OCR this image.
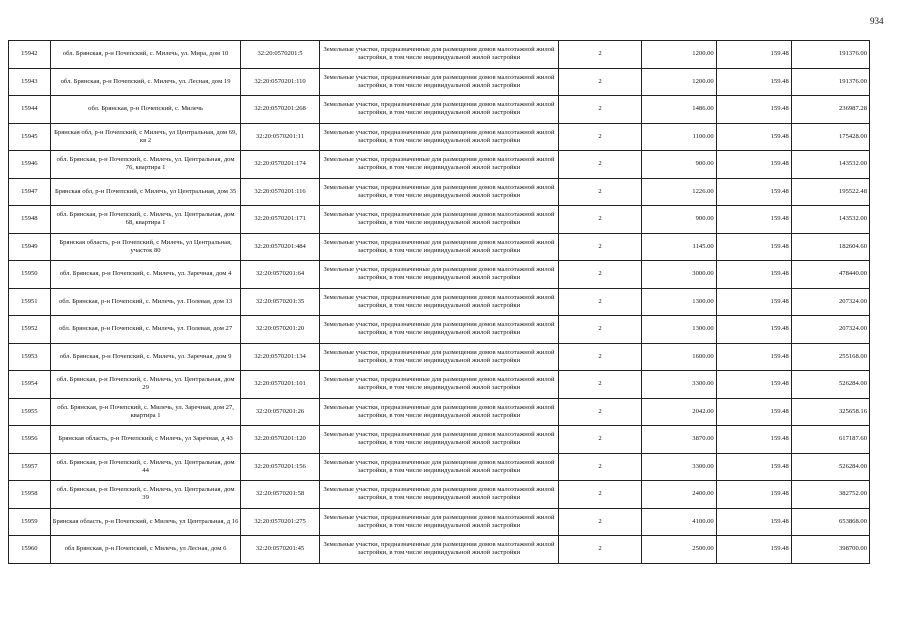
934
15942	обл. Брянская, р-н Почепский, с. Милечь, ул. Мира, дом 10	32:20:0570201:5	Земельные участки, предназначенные для размещения домов малоэтажной жилой застройки, в том числе индивидуальной жилой застройки	2	1200.00	159.48	191376.00
15943	обл. Брянская, р-н Почепский, с. Милечь, ул. Лесная, дом 19	32:20:0570201:110	Земельные участки, предназначенные для размещения домов малоэтажной жилой застройки, в том числе индивидуальной жилой застройки	2	1200.00	159.48	191376.00
15944	обл. Брянская, р-н Почепский, с. Милечь	32:20:0570201:268	Земельные участки, предназначенные для размещения домов малоэтажной жилой застройки, в том числе индивидуальной жилой застройки	2	1486.00	159.48	236987.28
15945	Брянская обл, р-н Почепский, с Милечь, ул Центральная, дом 69, кв 2	32:20:0570201:11	Земельные участки, предназначенные для размещения домов малоэтажной жилой застройки, в том числе индивидуальной жилой застройки	2	1100.00	159.48	175428.00
15946	обл. Брянская, р-н Почепский, с. Милечь, ул. Центральная, дом 76, квартира 1	32:20:0570201:174	Земельные участки, предназначенные для размещения домов малоэтажной жилой застройки, в том числе индивидуальной жилой застройки	2	900.00	159.48	143532.00
15947	Брянская обл, р-н Почепский, с Милечь, ул Центральная, дом 35	32:20:0570201:116	Земельные участки, предназначенные для размещения домов малоэтажной жилой застройки, в том числе индивидуальной жилой застройки	2	1226.00	159.48	195522.48
15948	обл. Брянская, р-н Почепский, с. Милечь, ул. Центральная, дом 68, квартира 1	32:20:0570201:171	Земельные участки, предназначенные для размещения домов малоэтажной жилой застройки, в том числе индивидуальной жилой застройки	2	900.00	159.48	143532.00
15949	Брянская область, р-н Почепский, с Милечь, ул Центральная, участок 80	32:20:0570201:484	Земельные участки, предназначенные для размещения домов малоэтажной жилой застройки, в том числе индивидуальной жилой застройки	2	1145.00	159.48	182604.60
15950	обл. Брянская, р-н Почепский, с. Милечь, ул. Заречная, дом 4	32:20:0570201:64	Земельные участки, предназначенные для размещения домов малоэтажной жилой застройки, в том числе индивидуальной жилой застройки	2	3000.00	159.48	478440.00
15951	обл. Брянская, р-н Почепский, с. Милечь, ул. Полевая, дом 13	32:20:0570201:35	Земельные участки, предназначенные для размещения домов малоэтажной жилой застройки, в том числе индивидуальной жилой застройки	2	1300.00	159.48	207324.00
15952	обл. Брянская, р-н Почепский, с. Милечь, ул. Полевая, дом 27	32:20:0570201:20	Земельные участки, предназначенные для размещения домов малоэтажной жилой застройки, в том числе индивидуальной жилой застройки	2	1300.00	159.48	207324.00
15953	обл. Брянская, р-н Почепский, с. Милечь, ул. Заречная, дом 9	32:20:0570201:134	Земельные участки, предназначенные для размещения домов малоэтажной жилой застройки, в том числе индивидуальной жилой застройки	2	1600.00	159.48	255168.00
15954	обл. Брянская, р-н Почепский, с. Милечь, ул. Центральная, дом 29	32:20:0570201:101	Земельные участки, предназначенные для размещения домов малоэтажной жилой застройки, в том числе индивидуальной жилой застройки	2	3300.00	159.48	526284.00
15955	обл. Брянская, р-н Почепский, с. Милечь, ул. Заречная, дом 27, квартира 1	32:20:0570201:26	Земельные участки, предназначенные для размещения домов малоэтажной жилой застройки, в том числе индивидуальной жилой застройки	2	2042.00	159.48	325658.16
15956	Брянская область, р-н Почепский, с Милечь, ул Заречная, д 43	32:20:0570201:120	Земельные участки, предназначенные для размещения домов малоэтажной жилой застройки, в том числе индивидуальной жилой застройки	2	3870.00	159.48	617187.60
15957	обл. Брянская, р-н Почепский, с. Милечь, ул. Центральная, дом 44	32:20:0570201:156	Земельные участки, предназначенные для размещения домов малоэтажной жилой застройки, в том числе индивидуальной жилой застройки	2	3300.00	159.48	526284.00
15958	обл. Брянская, р-н Почепский, с. Милечь, ул. Центральная, дом 39	32:20:0570201:58	Земельные участки, предназначенные для размещения домов малоэтажной жилой застройки, в том числе индивидуальной жилой застройки	2	2400.00	159.48	382752.00
15959	Брянская область, р-н Почепский, с Милечь, ул Центральная, д 16	32:20:0570201:275	Земельные участки, предназначенные для размещения домов малоэтажной жилой застройки, в том числе индивидуальной жилой застройки	2	4100.00	159.48	653868.00
15960	обл Брянская, р-н Почепский, с Милечь, ул Лесная, дом 6	32:20:0570201:45	Земельные участки, предназначенные для размещения домов малоэтажной жилой застройки, в том числе индивидуальной жилой застройки	2	2500.00	159.48	398700.00
